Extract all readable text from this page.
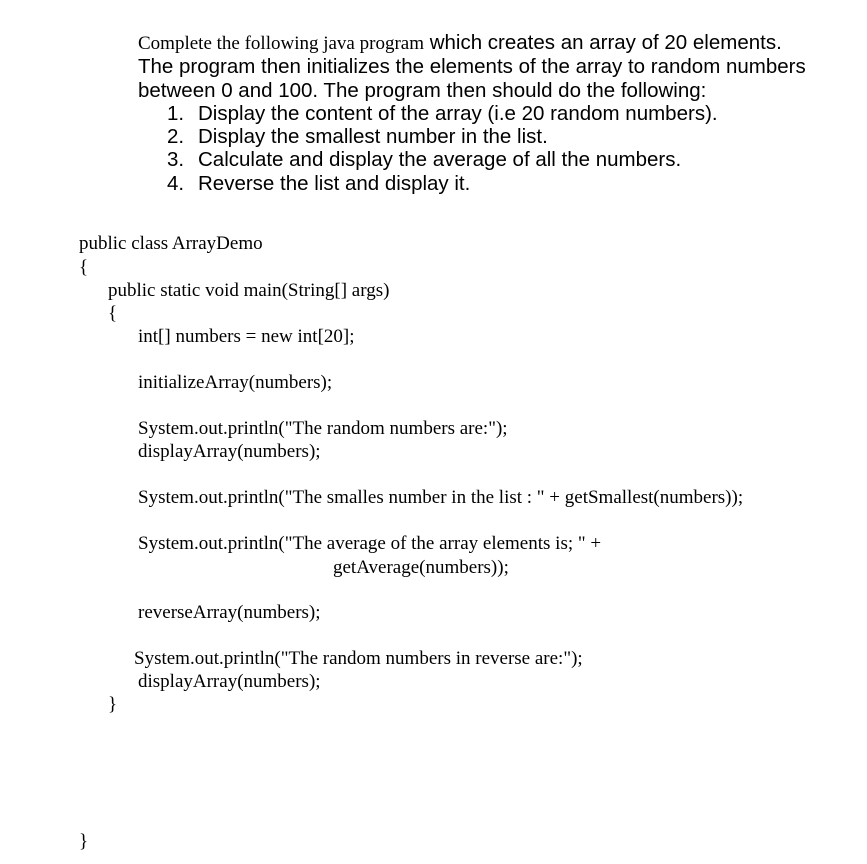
Complete the following java program which creates an array of 20 elements.
The program then initializes the elements of the array to random numbers
between 0 and 100. The program then should do the following:
1. Display the content of the array (i.e 20 random numbers).
2. Display the smallest number in the list.
3. Calculate and display the average of all the numbers.
4. Reverse the list and display it.
public class ArrayDemo
{
public static void main(String[] args)
{
int[] numbers = new int[20];
initializeArray(numbers);
System.out.println("The random numbers are:");
displayArray(numbers);
System.out.println("The smalles number in the list : " + getSmallest(numbers));
System.out.println("The average of the array elements is; " +
getAverage(numbers));
reverseArray(numbers);
System.out.println("The random numbers in reverse are:");
displayArray(numbers);
}
}
